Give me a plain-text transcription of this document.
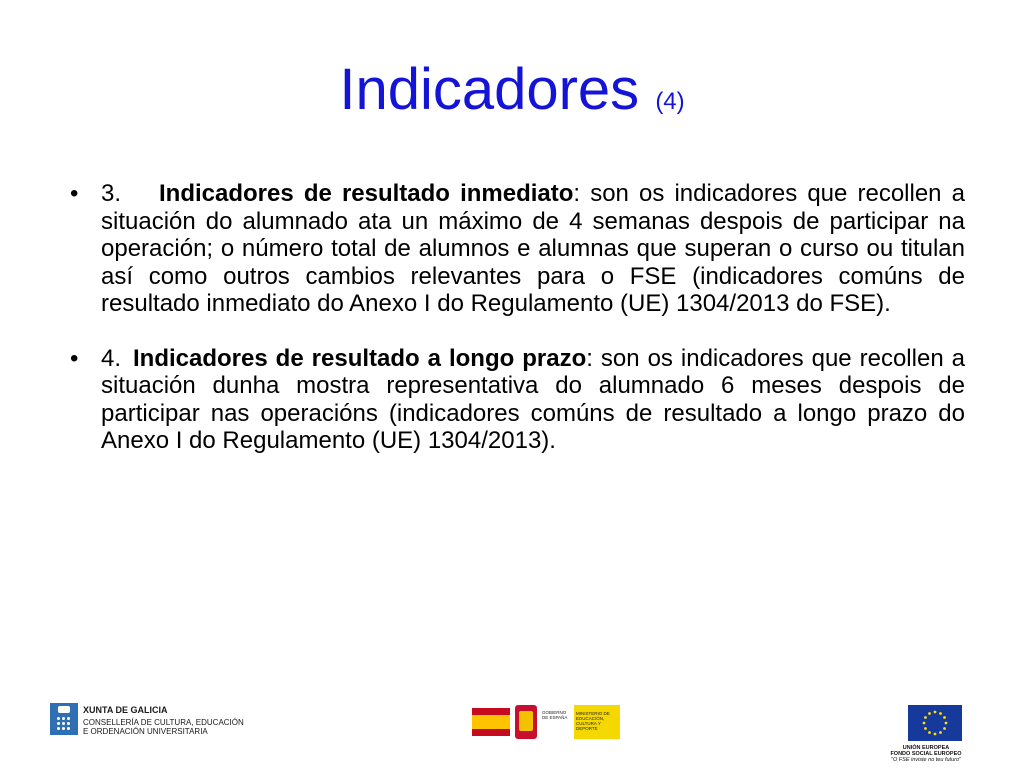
Indicadores (4)

• 3. Indicadores de resultado inmediato: son os indicadores que recollen a situación do alumnado ata un máximo de 4 semanas despois de participar na operación; o número total de alumnos e alumnas que superan o curso ou titulan así como outros cambios relevantes para o FSE (indicadores comúns de resultado inmediato do Anexo I do Regulamento (UE) 1304/2013 do FSE).

• 4. Indicadores de resultado a longo prazo: son os indicadores que recollen a situación dunha mostra representativa do alumnado 6 meses despois de participar nas operacións (indicadores comúns de resultado a longo prazo do Anexo I do Regulamento (UE) 1304/2013).

XUNTA DE GALICIA
CONSELLERÍA DE CULTURA, EDUCACIÓN
E ORDENACIÓN UNIVERSITARIA
GOBIERNO DE ESPAÑA
MINISTERIO DE EDUCACIÓN, CULTURA Y DEPORTE
UNIÓN EUROPEA
FONDO SOCIAL EUROPEO
"O FSE inviste no teu futuro"
